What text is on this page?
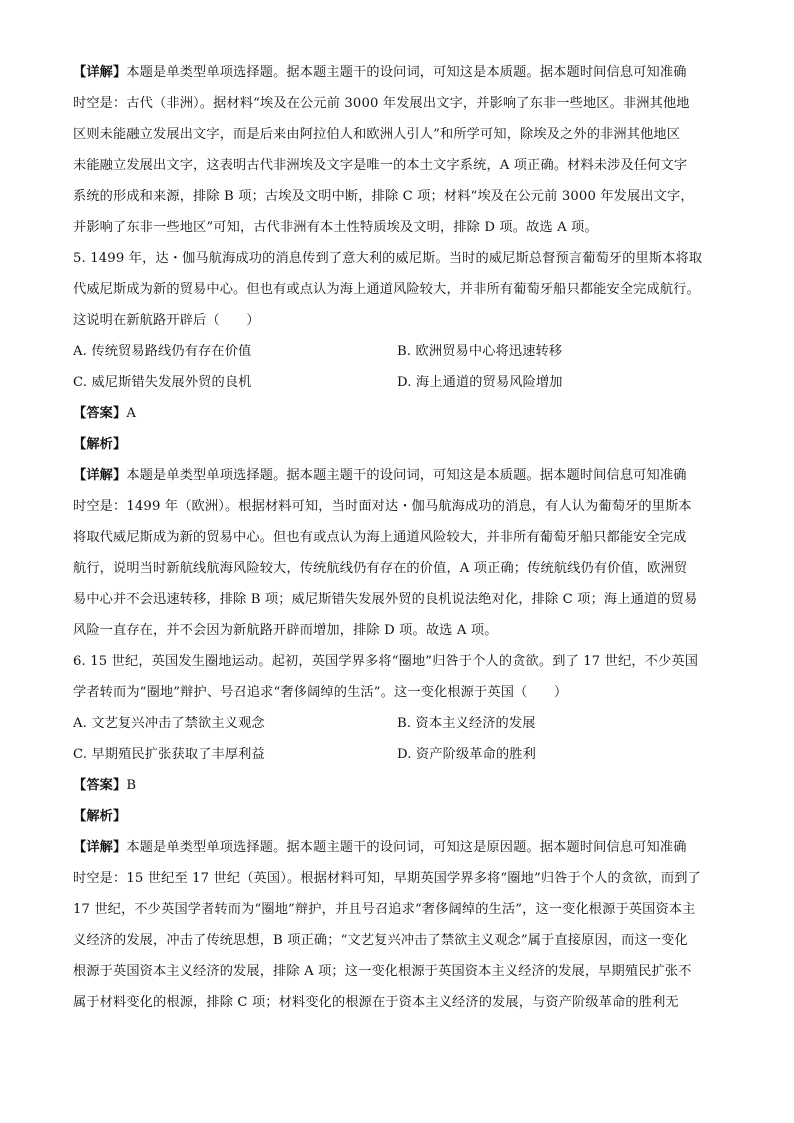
【详解】本题是单类型单项选择题。据本题主题干的设问词，可知这是本质题。据本题时间信息可知准确
时空是：古代（非洲）。据材料“埃及在公元前 3000 年发展出文字，并影响了东非一些地区。非洲其他地
区则未能融立发展出文字，而是后来由阿拉伯人和欧洲人引人”和所学可知，除埃及之外的非洲其他地区
未能融立发展出文字，这表明古代非洲埃及文字是唯一的本土文字系统，A 项正确。材料未涉及任何文字
系统的形成和来源，排除 B 项；古埃及文明中断，排除 C 项；材料“埃及在公元前 3000 年发展出文字，
并影响了东非一些地区”可知，古代非洲有本土性特质埃及文明，排除 D 项。故选 A 项。
5. 1499 年，达・伽马航海成功的消息传到了意大利的威尼斯。当时的威尼斯总督预言葡萄牙的里斯本将取
代威尼斯成为新的贸易中心。但也有或点认为海上通道风险较大，并非所有葡萄牙船只都能安全完成航行。
这说明在新航路开辟后（　　）
A. 传统贸易路线仍有存在价值	B. 欧洲贸易中心将迅速转移
C. 威尼斯错失发展外贸的良机	D. 海上通道的贸易风险增加
【答案】A
【解析】
【详解】本题是单类型单项选择题。据本题主题干的设问词，可知这是本质题。据本题时间信息可知准确
时空是：1499 年（欧洲）。根据材料可知，当时面对达・伽马航海成功的消息，有人认为葡萄牙的里斯本
将取代威尼斯成为新的贸易中心。但也有或点认为海上通道风险较大，并非所有葡萄牙船只都能安全完成
航行，说明当时新航线航海风险较大，传统航线仍有存在的价值，A 项正确；传统航线仍有价值，欧洲贸
易中心并不会迅速转移，排除 B 项；威尼斯错失发展外贸的良机说法绝对化，排除 C 项；海上通道的贸易
风险一直存在，并不会因为新航路开辟而增加，排除 D 项。故选 A 项。
6. 15 世纪，英国发生圈地运动。起初，英国学界多将“圈地”归咎于个人的贪欲。到了 17 世纪，不少英国
学者转而为“圈地”辩护、号召追求“奢侈阔绰的生活”。这一变化根源于英国（　　）
A. 文艺复兴冲击了禁欲主义观念	B. 资本主义经济的发展
C. 早期殖民扩张获取了丰厚利益	D. 资产阶级革命的胜利
【答案】B
【解析】
【详解】本题是单类型单项选择题。据本题主题干的设问词，可知这是原因题。据本题时间信息可知准确
时空是：15 世纪至 17 世纪（英国）。根据材料可知，早期英国学界多将“圈地”归咎于个人的贪欲，而到了
17 世纪，不少英国学者转而为“圈地”辩护，并且号召追求“奢侈阔绰的生活”，这一变化根源于英国资本主
义经济的发展，冲击了传统思想，B 项正确；“文艺复兴冲击了禁欲主义观念”属于直接原因，而这一变化
根源于英国资本主义经济的发展，排除 A 项；这一变化根源于英国资本主义经济的发展，早期殖民扩张不
属于材料变化的根源，排除 C 项；材料变化的根源在于资本主义经济的发展，与资产阶级革命的胜利无
